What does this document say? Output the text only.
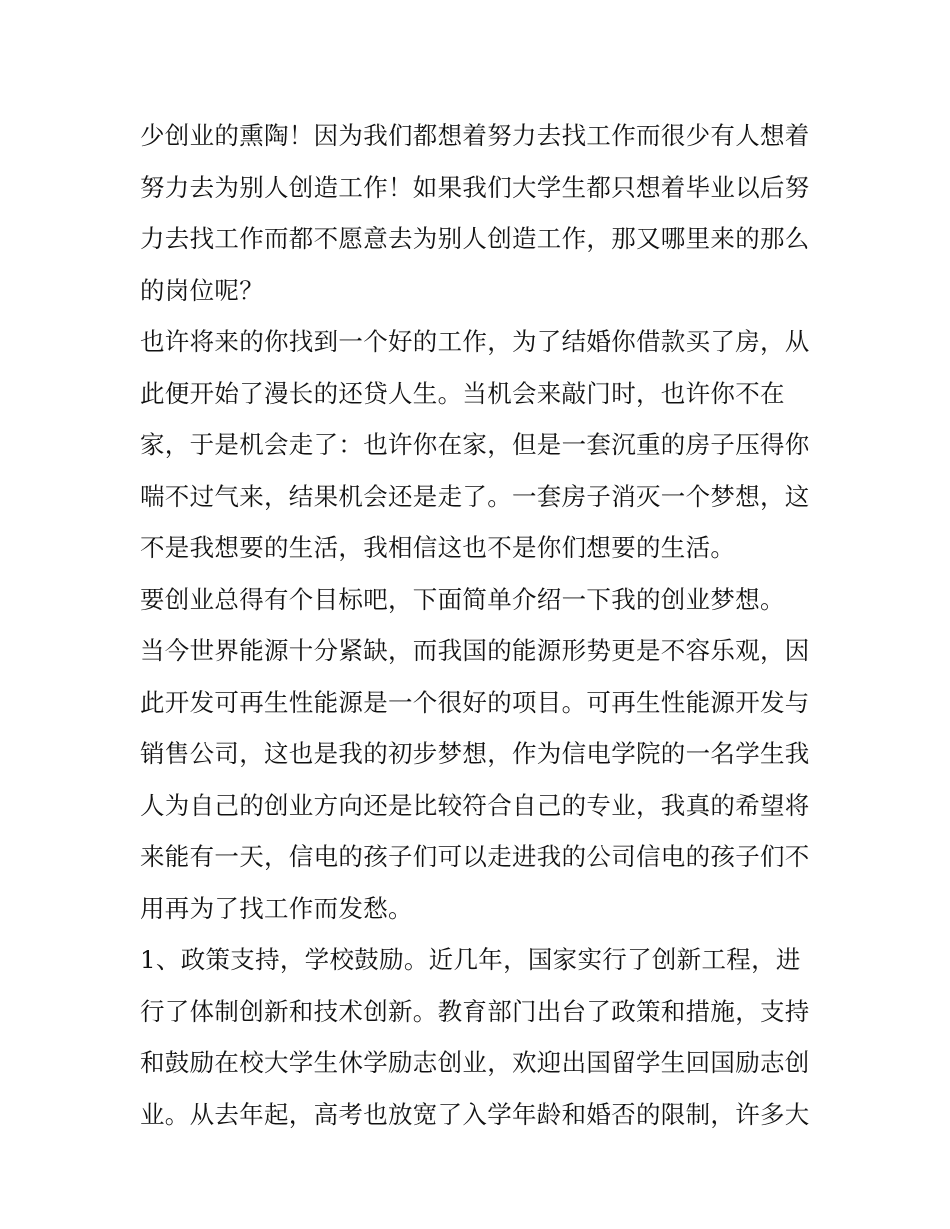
少创业的熏陶！因为我们都想着努力去找工作而很少有人想着
努力去为别人创造工作！如果我们大学生都只想着毕业以后努
力去找工作而都不愿意去为别人创造工作，那又哪里来的那么
的岗位呢？
也许将来的你找到一个好的工作，为了结婚你借款买了房，从
此便开始了漫长的还贷人生。当机会来敲门时，也许你不在
家，于是机会走了：也许你在家，但是一套沉重的房子压得你
喘不过气来，结果机会还是走了。一套房子消灭一个梦想，这
不是我想要的生活，我相信这也不是你们想要的生活。
要创业总得有个目标吧，下面简单介绍一下我的创业梦想。
当今世界能源十分紧缺，而我国的能源形势更是不容乐观，因
此开发可再生性能源是一个很好的项目。可再生性能源开发与
销售公司，这也是我的初步梦想，作为信电学院的一名学生我
人为自己的创业方向还是比较符合自己的专业，我真的希望将
来能有一天，信电的孩子们可以走进我的公司信电的孩子们不
用再为了找工作而发愁。
1、政策支持，学校鼓励。近几年，国家实行了创新工程，进
行了体制创新和技术创新。教育部门出台了政策和措施，支持
和鼓励在校大学生休学励志创业，欢迎出国留学生回国励志创
业。从去年起，高考也放宽了入学年龄和婚否的限制，许多大
